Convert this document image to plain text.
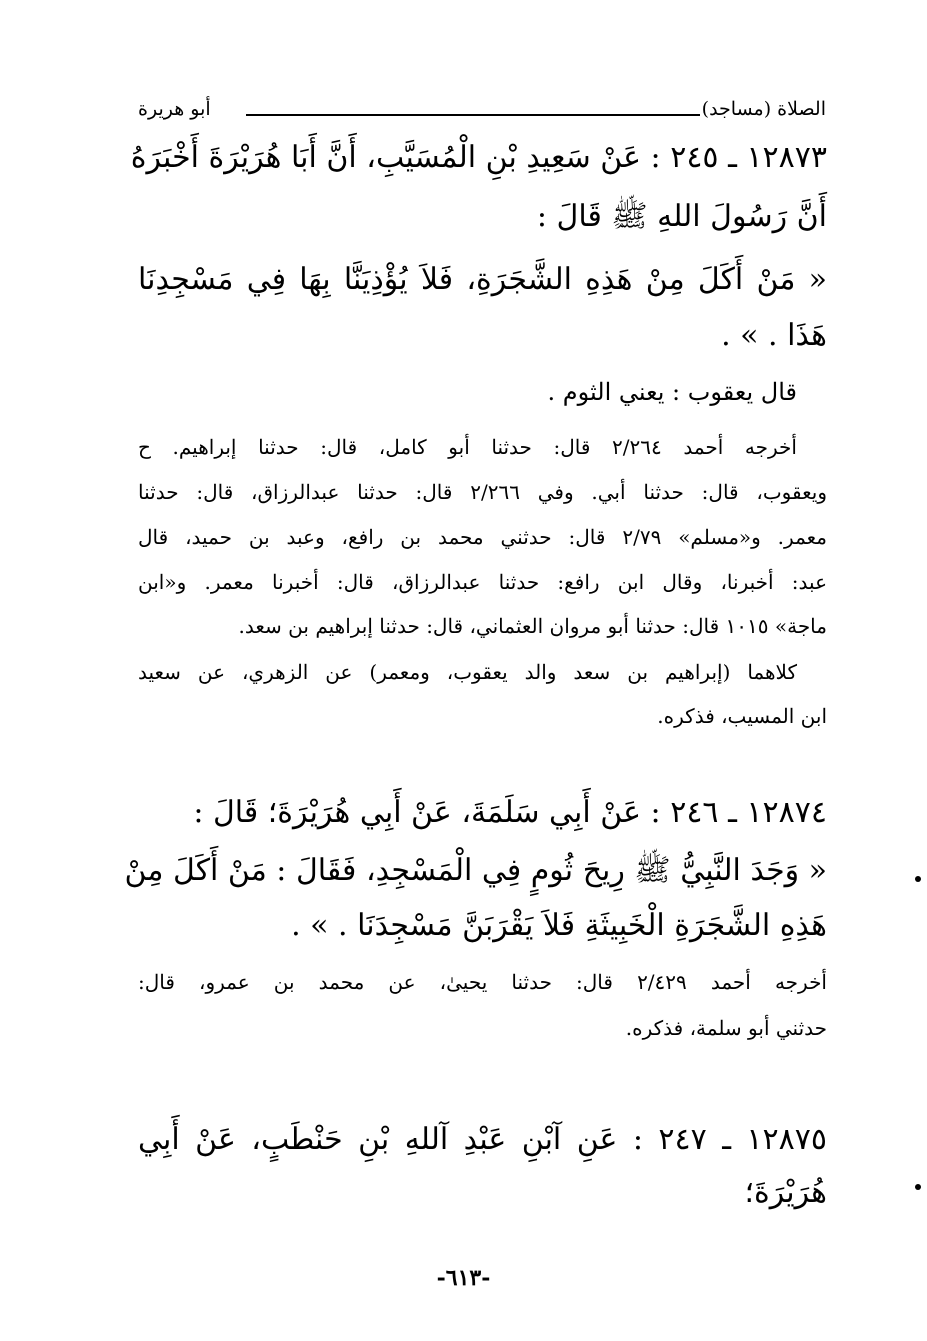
الصلاة (مساجد)
أبو هريرة
١٢٨٧٣ ـ ٢٤٥ : عَنْ سَعِيدِ بْنِ الْمُسَيَّبِ، أَنَّ أَبَا هُرَيْرَةَ أَخْبَرَهُ
أَنَّ رَسُولَ اللهِ ﷺ قَالَ :
« مَنْ أَكَلَ مِنْ هَذِهِ الشَّجَرَةِ، فَلاَ يُؤْذِيَنَّا بِهَا فِي مَسْجِدِنَا
هَذَا . » .
قال يعقوب : يعني الثوم .
أخرجه أحمد ٢/٢٦٤ قال: حدثنا أبو كامل، قال: حدثنا إبراهيم. ح
ويعقوب، قال: حدثنا أبي. وفي ٢/٢٦٦ قال: حدثنا عبدالرزاق، قال: حدثنا
معمر. و«مسلم» ٢/٧٩ قال: حدثني محمد بن رافع، وعبد بن حميد، قال
عبد: أخبرنا، وقال ابن رافع: حدثنا عبدالرزاق، قال: أخبرنا معمر. و«ابن
ماجة» ١٠١٥ قال: حدثنا أبو مروان العثماني، قال: حدثنا إبراهيم بن سعد.
كلاهما (إبراهيم بن سعد والد يعقوب، ومعمر) عن الزهري، عن سعيد
ابن المسيب، فذكره.
١٢٨٧٤ ـ ٢٤٦ : عَنْ أَبِي سَلَمَةَ، عَنْ أَبِي هُرَيْرَةَ؛ قَالَ :
« وَجَدَ النَّبِيُّ ﷺ رِيحَ ثُومٍ فِي الْمَسْجِدِ، فَقَالَ : مَنْ أَكَلَ مِنْ
هَذِهِ الشَّجَرَةِ الْخَبِيثَةِ فَلاَ يَقْرَبَنَّ مَسْجِدَنَا . » .
أخرجه أحمد ٢/٤٢٩ قال: حدثنا يحيىٰ، عن محمد بن عمرو، قال:
حدثني أبو سلمة، فذكره.
١٢٨٧٥ ـ ٢٤٧ : عَنِ آبْنِ عَبْدِ آللهِ بْنِ حَنْطَبٍ، عَنْ أَبِي
هُرَيْرَةَ؛
-٦١٣-
